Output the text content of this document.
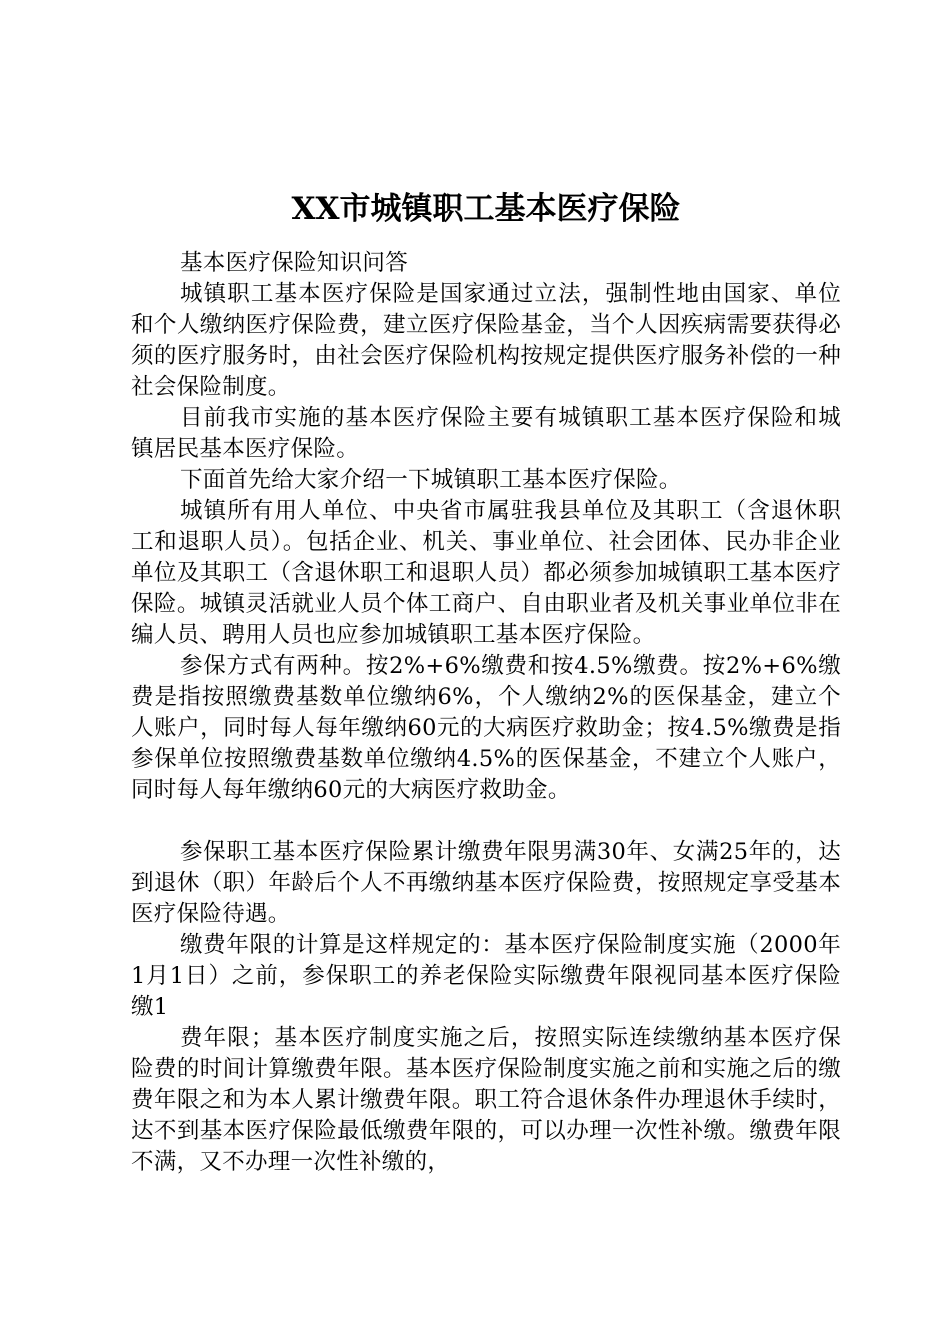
XX市城镇职工基本医疗保险

基本医疗保险知识问答

城镇职工基本医疗保险是国家通过立法，强制性地由国家、单位和个人缴纳医疗保险费，建立医疗保险基金，当个人因疾病需要获得必须的医疗服务时，由社会医疗保险机构按规定提供医疗服务补偿的一种社会保险制度。

目前我市实施的基本医疗保险主要有城镇职工基本医疗保险和城镇居民基本医疗保险。

下面首先给大家介绍一下城镇职工基本医疗保险。

城镇所有用人单位、中央省市属驻我县单位及其职工（含退休职工和退职人员）。包括企业、机关、事业单位、社会团体、民办非企业单位及其职工（含退休职工和退职人员）都必须参加城镇职工基本医疗保险。城镇灵活就业人员个体工商户、自由职业者及机关事业单位非在编人员、聘用人员也应参加城镇职工基本医疗保险。

参保方式有两种。按2%+6%缴费和按4.5%缴费。按2%+6%缴费是指按照缴费基数单位缴纳6%，个人缴纳2%的医保基金，建立个人账户，同时每人每年缴纳60元的大病医疗救助金；按4.5%缴费是指参保单位按照缴费基数单位缴纳4.5%的医保基金，不建立个人账户，同时每人每年缴纳60元的大病医疗救助金。

参保职工基本医疗保险累计缴费年限男满30年、女满25年的，达到退休（职）年龄后个人不再缴纳基本医疗保险费，按照规定享受基本医疗保险待遇。

缴费年限的计算是这样规定的：基本医疗保险制度实施（2000年1月1日）之前，参保职工的养老保险实际缴费年限视同基本医疗保险缴1

费年限；基本医疗制度实施之后，按照实际连续缴纳基本医疗保险费的时间计算缴费年限。基本医疗保险制度实施之前和实施之后的缴费年限之和为本人累计缴费年限。职工符合退休条件办理退休手续时，达不到基本医疗保险最低缴费年限的，可以办理一次性补缴。缴费年限不满，又不办理一次性补缴的，
